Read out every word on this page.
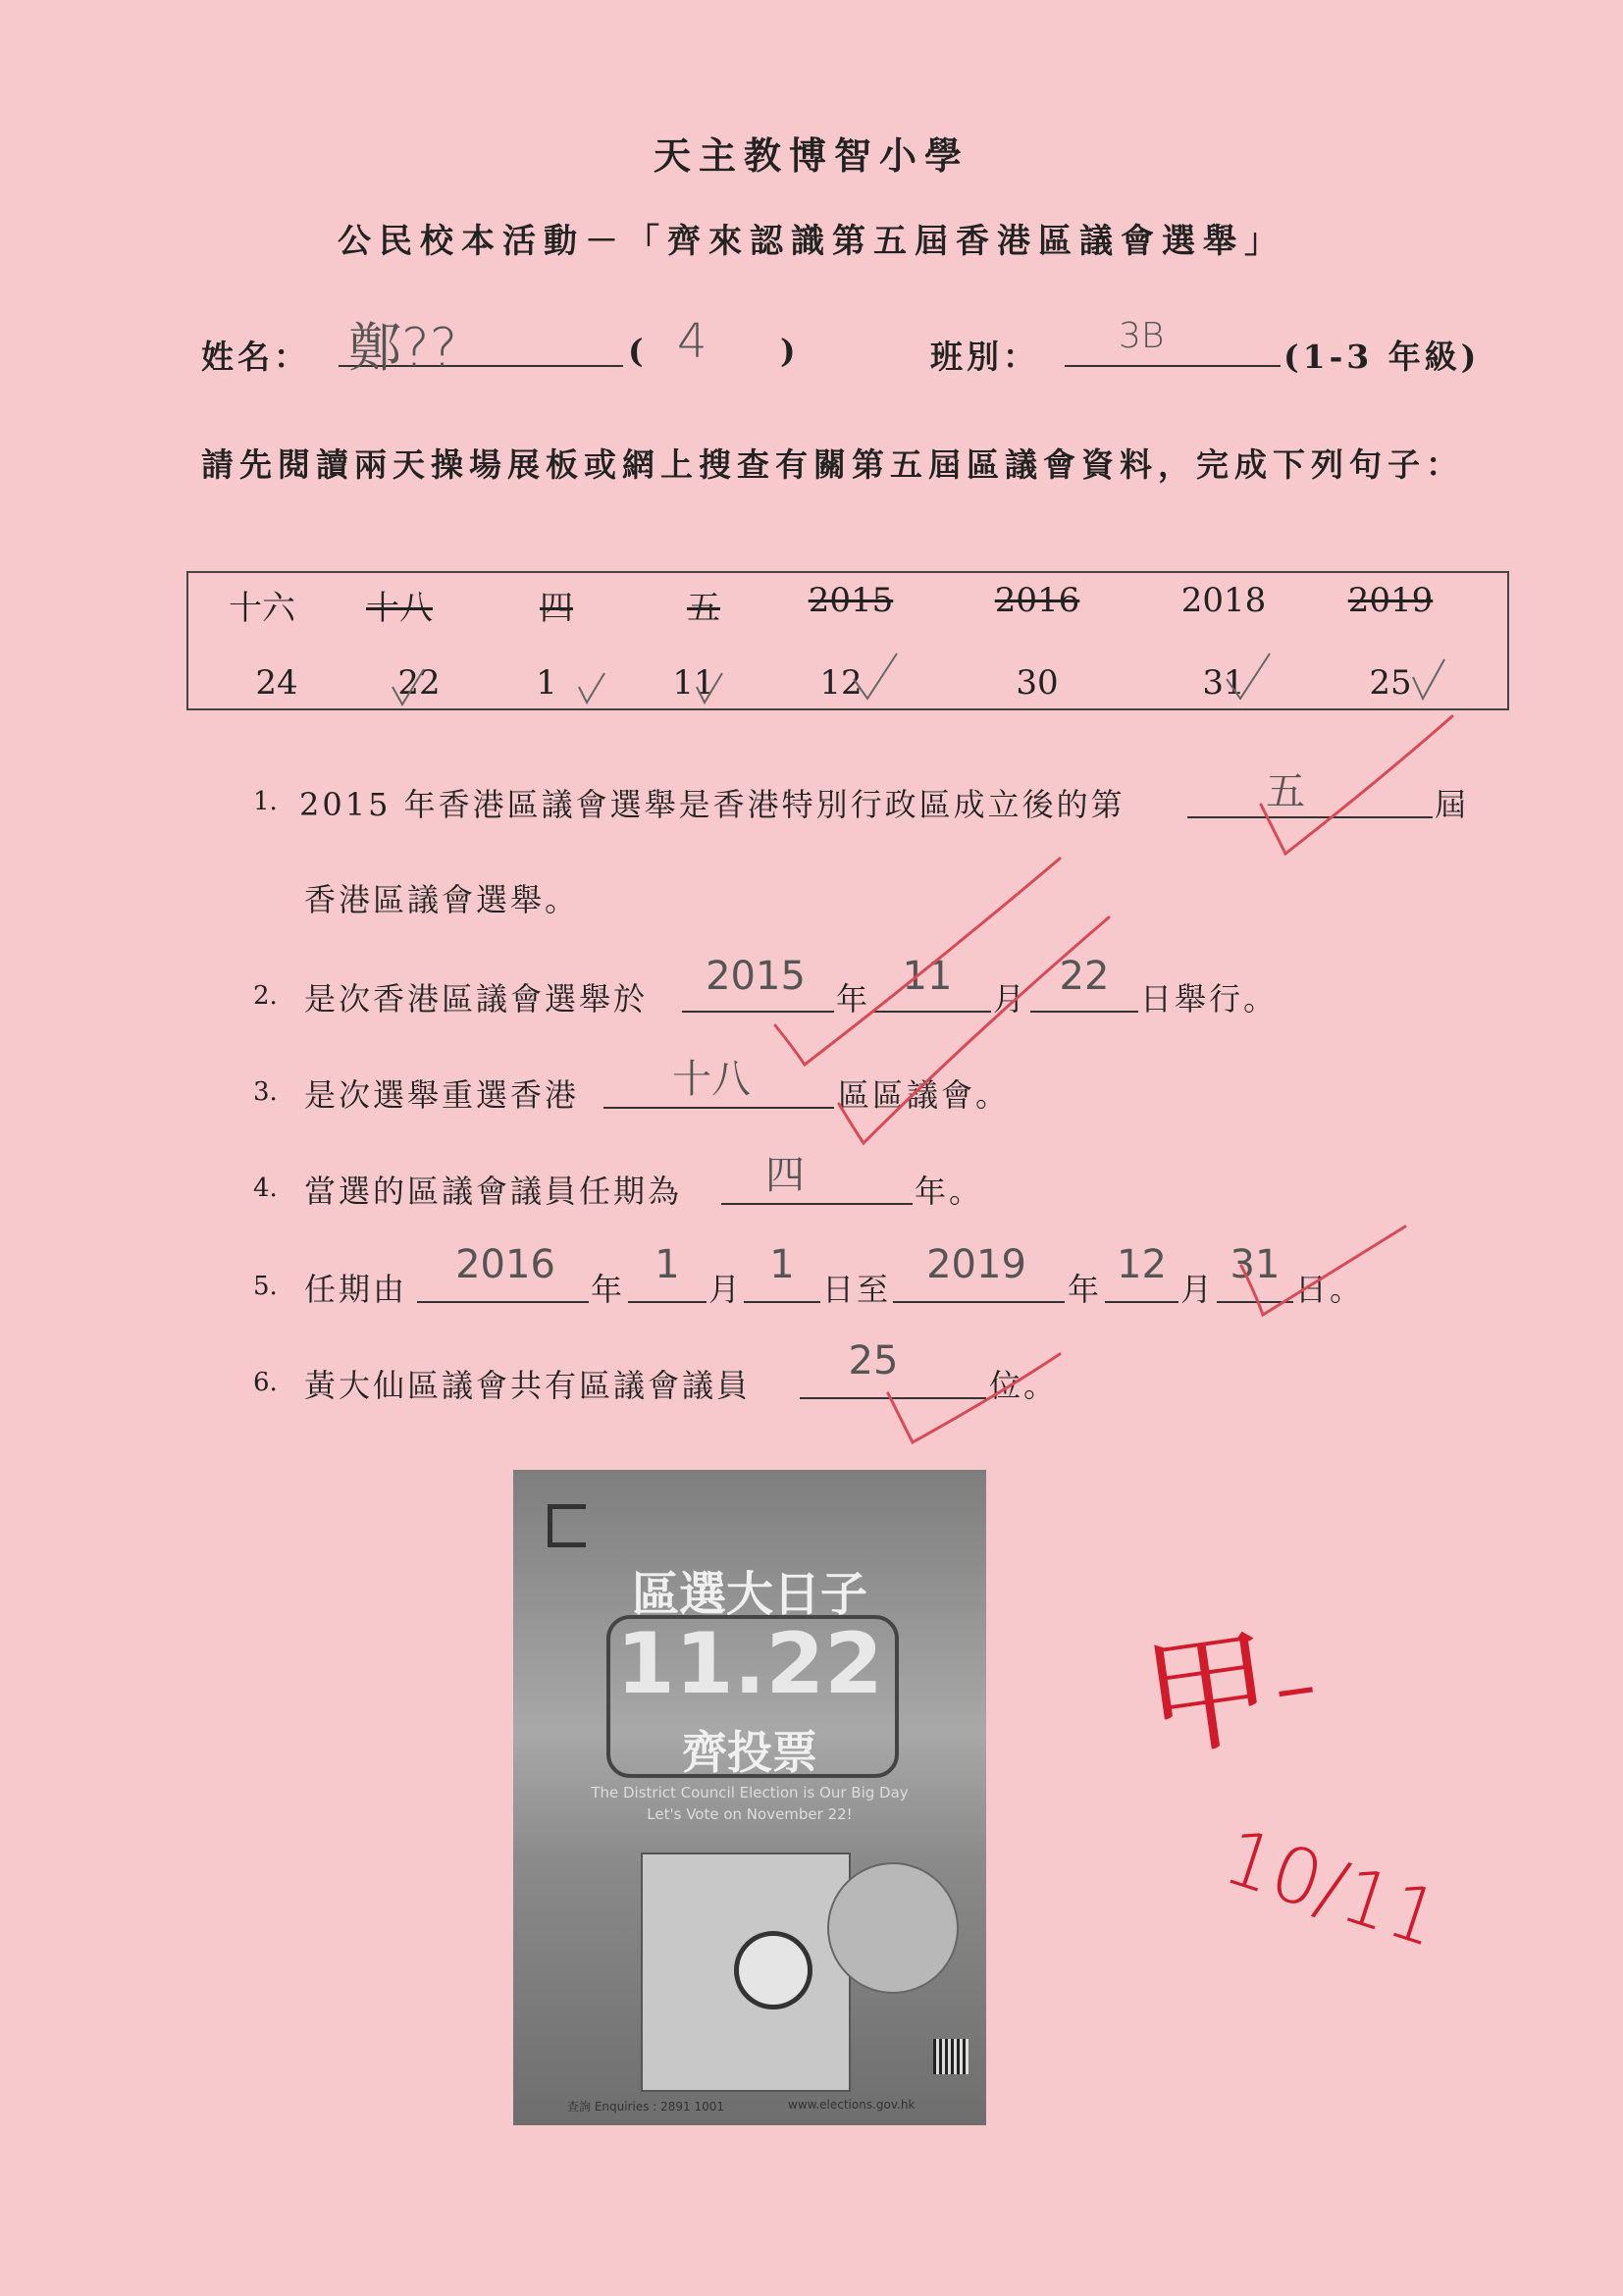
天主教博智小學
公民校本活動－「齊來認識第五屆香港區議會選舉」
姓名： 鄭??	( 4 )	班別：
3B
(1-3 年級)
請先閱讀兩天操場展板或網上搜查有關第五屆區議會資料，完成下列句子：
十六	十八	四	五	2015	2016	2018	2019
24	22	1	11	12	30	31	25
1. 2015 年香港區議會選舉是香港特別行政區成立後的第	五	屆
香港區議會選舉。
2. 是次香港區議會選舉於	2015 年 11	月 22 日舉行。
3. 是次選舉重選香港	十八	區區議會。
4. 當選的區議會議員任期為	四	年。
5. 任期由
2016
年
1
月
1
日至
2019
年
12
月
31
日。
6. 黃大仙區議會共有區議會議員
25
位。
區選大日子
11.22
齊投票
The District Council Election is Our Big Day
Let's Vote on November 22!
查詢 Enquiries : 2891 1001	www.elections.gov.hk
甲-
10/11
